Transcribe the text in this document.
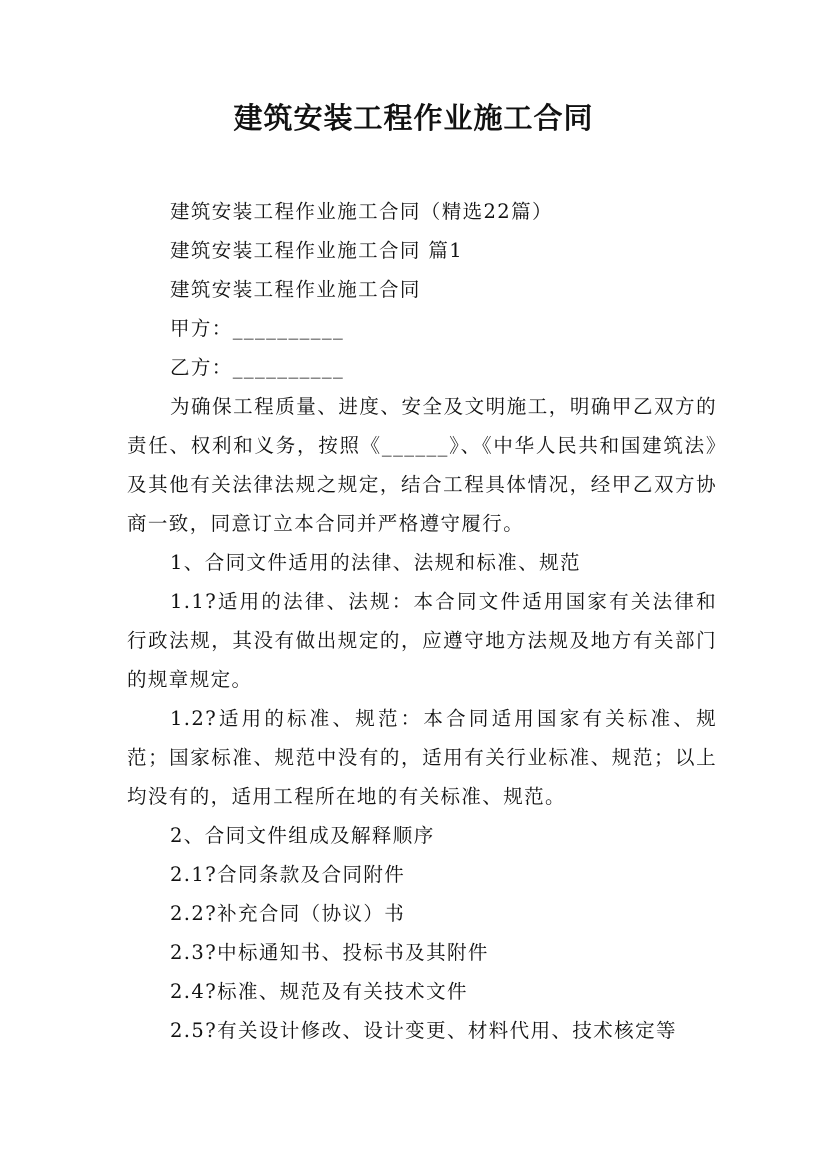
建筑安装工程作业施工合同
建筑安装工程作业施工合同（精选22篇）
建筑安装工程作业施工合同 篇1
建筑安装工程作业施工合同
甲方：__________
乙方：__________
为确保工程质量、进度、安全及文明施工，明确甲乙双方的责任、权利和义务，按照《______》、《中华人民共和国建筑法》及其他有关法律法规之规定，结合工程具体情况，经甲乙双方协商一致，同意订立本合同并严格遵守履行。
1、合同文件适用的法律、法规和标准、规范
1.1?适用的法律、法规：本合同文件适用国家有关法律和行政法规，其没有做出规定的，应遵守地方法规及地方有关部门的规章规定。
1.2?适用的标准、规范：本合同适用国家有关标准、规范；国家标准、规范中没有的，适用有关行业标准、规范；以上均没有的，适用工程所在地的有关标准、规范。
2、合同文件组成及解释顺序
2.1?合同条款及合同附件
2.2?补充合同（协议）书
2.3?中标通知书、投标书及其附件
2.4?标准、规范及有关技术文件
2.5?有关设计修改、设计变更、材料代用、技术核定等
